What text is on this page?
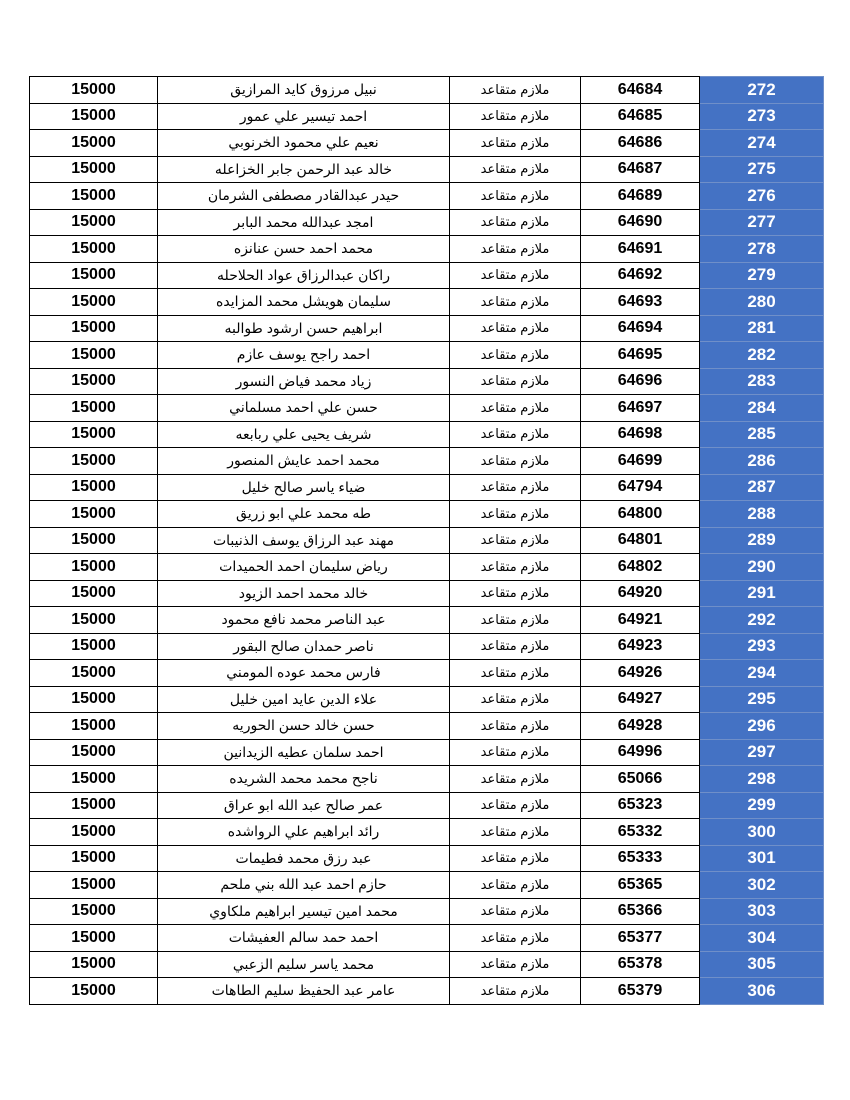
15000	نبيل مرزوق كايد المرازيق	ملازم متقاعد	64684	272
15000	احمد تيسير علي عمور	ملازم متقاعد	64685	273
15000	نعيم علي محمود الخرنوبي	ملازم متقاعد	64686	274
15000	خالد عبد الرحمن جابر الخزاعله	ملازم متقاعد	64687	275
15000	حيدر عبدالقادر مصطفى الشرمان	ملازم متقاعد	64689	276
15000	امجد عبدالله محمد البابر	ملازم متقاعد	64690	277
15000	محمد احمد حسن عنانزه	ملازم متقاعد	64691	278
15000	راكان عبدالرزاق عواد الحلاحله	ملازم متقاعد	64692	279
15000	سليمان هويشل محمد المزايده	ملازم متقاعد	64693	280
15000	ابراهيم حسن ارشود طوالبه	ملازم متقاعد	64694	281
15000	احمد راجح يوسف عازم	ملازم متقاعد	64695	282
15000	زياد محمد فياض النسور	ملازم متقاعد	64696	283
15000	حسن علي احمد مسلماني	ملازم متقاعد	64697	284
15000	شريف يحيى علي ربابعه	ملازم متقاعد	64698	285
15000	محمد احمد عايش المنصور	ملازم متقاعد	64699	286
15000	ضياء ياسر صالح خليل	ملازم متقاعد	64794	287
15000	طه محمد علي ابو زريق	ملازم متقاعد	64800	288
15000	مهند عبد الرزاق يوسف الذنيبات	ملازم متقاعد	64801	289
15000	رياض سليمان احمد الحميدات	ملازم متقاعد	64802	290
15000	خالد محمد احمد الزيود	ملازم متقاعد	64920	291
15000	عبد الناصر محمد نافع محمود	ملازم متقاعد	64921	292
15000	ناصر حمدان صالح البقور	ملازم متقاعد	64923	293
15000	فارس محمد عوده المومني	ملازم متقاعد	64926	294
15000	علاء الدين عايد امين خليل	ملازم متقاعد	64927	295
15000	حسن خالد حسن الحوريه	ملازم متقاعد	64928	296
15000	احمد سلمان عطيه الزيدانين	ملازم متقاعد	64996	297
15000	ناجح محمد محمد الشريده	ملازم متقاعد	65066	298
15000	عمر صالح عبد الله ابو عراق	ملازم متقاعد	65323	299
15000	رائد ابراهيم علي الرواشده	ملازم متقاعد	65332	300
15000	عبد رزق محمد فطيمات	ملازم متقاعد	65333	301
15000	حازم احمد عبد الله بني ملحم	ملازم متقاعد	65365	302
15000	محمد امين تيسير ابراهيم ملكاوي	ملازم متقاعد	65366	303
15000	احمد حمد سالم العفيشات	ملازم متقاعد	65377	304
15000	محمد ياسر سليم الزعبي	ملازم متقاعد	65378	305
15000	عامر عبد الحفيظ سليم الطاهات	ملازم متقاعد	65379	306
